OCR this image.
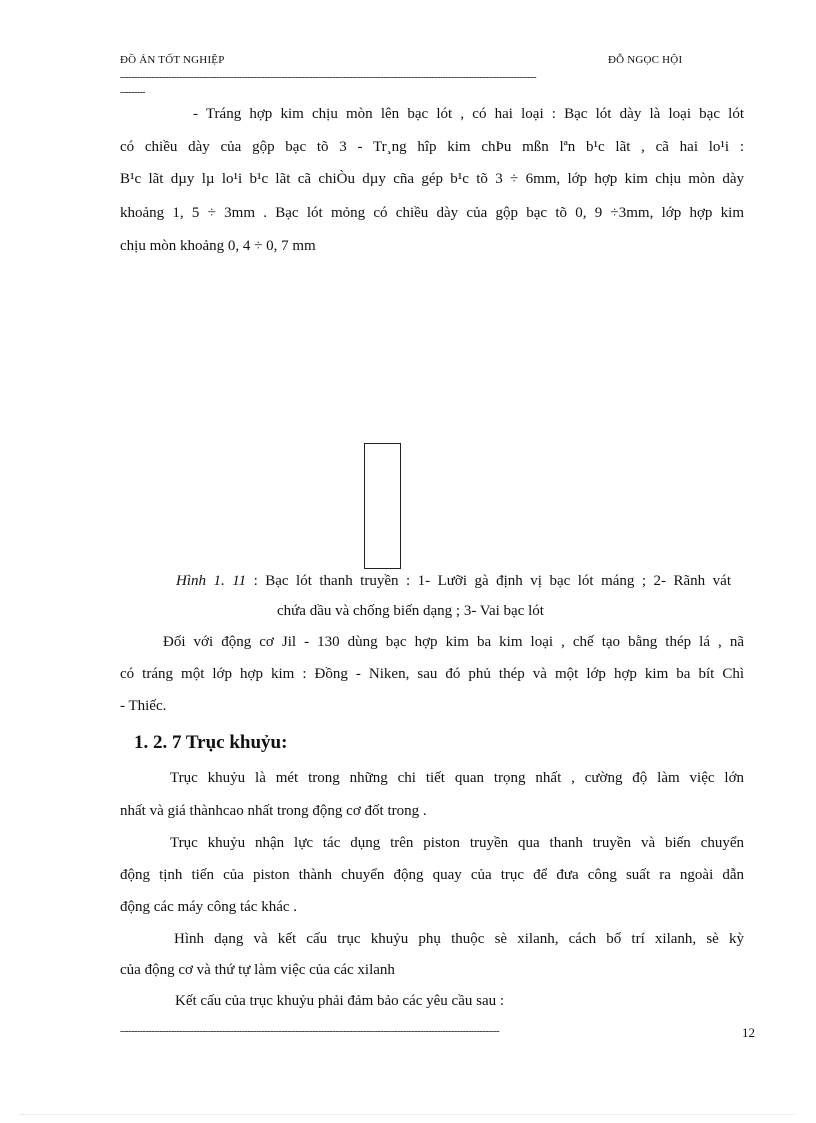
ĐỒ ÁN TỐT NGHIỆP	ĐỖ NGỌC HỘI
---------------------------------------------------------------------------------------------------------------------------------------------------
---------
- Tráng hợp kim chịu mòn lên bạc lót , có hai loại : Bạc lót dày là loại bạc lót
có chiều dày của gộp bạc tõ 3 - Tr¸ng hîp kim chÞu mßn lªn b¹c lãt , cã hai lo¹i :
B¹c lãt dµy lµ lo¹i b¹c lãt cã chiÒu dµy cña gép b¹c tõ 3 ÷ 6mm, lớp hợp kim chịu mòn dày
khoảng 1, 5 ÷ 3mm . Bạc lót mỏng có chiều dày của gộp bạc tõ 0, 9 ÷3mm, lớp hợp kim
chịu mòn khoảng 0, 4 ÷ 0, 7 mm
Hình 1. 11 : Bạc lót thanh truyền : 1- Lưỡi gà định vị bạc lót máng ; 2- Rãnh vát
chứa dầu và chống biến dạng ; 3- Vai bạc lót
Đối với động cơ Jil - 130 dùng bạc hợp kim ba kim loại , chế tạo bằng thép lá , nã
có tráng một lớp hợp kim : Đồng - Niken, sau đó phủ thép và một lớp hợp kim ba bít Chì
- Thiếc.
1. 2. 7 Trục khuỷu:
Trục khuỷu là mét trong những chi tiết quan trọng nhất , cường độ làm việc lớn
nhất và giá thànhcao nhất trong động cơ đốt trong .
Trục khuỷu nhận lực tác dụng trên piston truyền qua thanh truyền và biến chuyển
động tịnh tiến của piston thành chuyển động quay của trục để đưa công suất ra ngoài dẫn
động các máy công tác khác .
Hình dạng và kết cấu trục khuỷu phụ thuộc sè xilanh, cách bố trí xilanh, sè kỳ
của động cơ và thứ tự làm việc của các xilanh
Kết cấu của trục khuỷu phải đảm bảo các yêu cầu sau :
--------------------------------------------------------------------------------------------------------------------------------------	12
